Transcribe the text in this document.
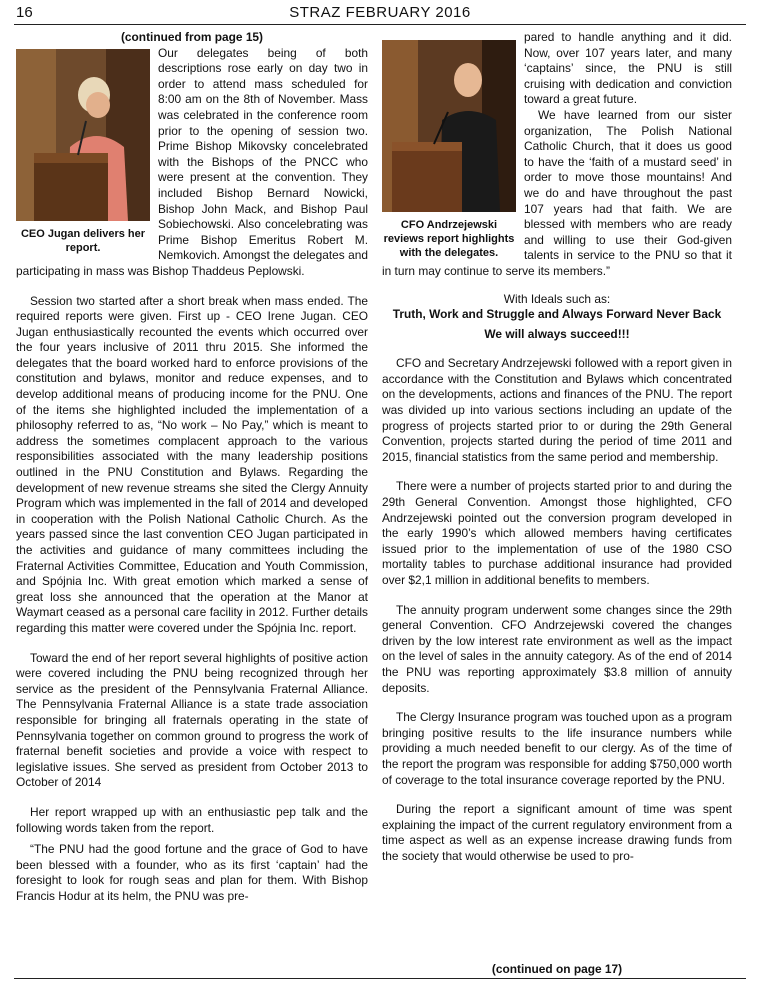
16	STRAZ FEBRUARY 2016

(continued from page 15)

CEO Jugan delivers her report.
Our delegates being of both descriptions rose early on day two in order to attend mass scheduled for 8:00 am on the 8th of November. Mass was celebrated in the conference room prior to the opening of session two. Prime Bishop Mikovsky concelebrated with the Bishops of the PNCC who were present at the convention. They included Bishop Bernard Nowicki, Bishop John Mack, and Bishop Paul Sobiechowski. Also concelebrating was Prime Bishop Emeritus Robert M. Nemkovich. Amongst the delegates and participating in mass was Bishop Thaddeus Peplowski.

Session two started after a short break when mass ended. The required reports were given. First up - CEO Irene Jugan. CEO Jugan enthusiastically recounted the events which occurred over the four years inclusive of 2011 thru 2015. She informed the delegates that the board worked hard to enforce provisions of the constitution and bylaws, monitor and reduce expenses, and to develop additional means of producing income for the PNU. One of the items she highlighted included the implementation of a philosophy referred to as, “No work – No Pay,” which is meant to address the sometimes complacent approach to the various responsibilities associated with the many leadership positions outlined in the PNU Constitution and Bylaws. Regarding the development of new revenue streams she sited the Clergy Annuity Program which was implemented in the fall of 2014 and developed in cooperation with the Polish National Catholic Church. As the years passed since the last convention CEO Jugan participated in the activities and guidance of many committees including the Fraternal Activities Committee, Education and Youth Commission, and Spójnia Inc. With great emotion which marked a sense of great loss she announced that the operation at the Manor at Waymart ceased as a personal care facility in 2012. Further details regarding this matter were covered under the Spójnia Inc. report.

Toward the end of her report several highlights of positive action were covered including the PNU being recognized through her service as the president of the Pennsylvania Fraternal Alliance. The Pennsylvania Fraternal Alliance is a state trade association responsible for bringing all fraternals operating in the state of Pennsylvania together on common ground to progress the work of fraternal benefit societies and provide a voice with respect to legislative issues. She served as president from October 2013 to October of 2014

Her report wrapped up with an enthusiastic pep talk and the following words taken from the report.

“The PNU had the good fortune and the grace of God to have been blessed with a founder, who as its first ‘captain’ had the foresight to look for rough seas and plan for them. With Bishop Francis Hodur at its helm, the PNU was pre-

CFO Andrzejewski reviews report highlights with the delegates.
pared to handle anything and it did. Now, over 107 years later, and many ‘captains’ since, the PNU is still cruising with dedication and conviction toward a great future.

We have learned from our sister organization, The Polish National Catholic Church, that it does us good to have the ‘faith of a mustard seed’ in order to move those mountains! And we do and have throughout the past 107 years had that faith. We are blessed with members who are ready and willing to use their God-given talents in service to the PNU so that it in turn may continue to serve its members.”

With Ideals such as:

Truth, Work and Struggle and Always Forward Never Back

We will always succeed!!!

CFO and Secretary Andrzejewski followed with a report given in accordance with the Constitution and Bylaws which concentrated on the developments, actions and finances of the PNU. The report was divided up into various sections including an update of the progress of projects started prior to or during the 29th General Convention, projects started during the period of time 2011 and 2015, financial statistics from the same period and membership.

There were a number of projects started prior to and during the 29th General Convention. Amongst those highlighted, CFO Andrzejewski pointed out the conversion program developed in the early 1990’s which allowed members having certificates issued prior to the implementation of use of the 1980 CSO mortality tables to purchase additional insurance had provided over $2,1 million in additional benefits to members.

The annuity program underwent some changes since the 29th general Convention. CFO Andrzejewski covered the changes driven by the low interest rate environment as well as the impact on the level of sales in the annuity category. As of the end of 2014 the PNU was reporting approximately $3.8 million of annuity deposits.

The Clergy Insurance program was touched upon as a program bringing positive results to the life insurance numbers while providing a much needed benefit to our clergy. As of the time of the report the program was responsible for adding $750,000 worth of coverage to the total insurance coverage reported by the PNU.

During the report a significant amount of time was spent explaining the impact of the current regulatory environment from a time aspect as well as an expense increase drawing funds from the society that would otherwise be used to pro-

(continued on page 17)
